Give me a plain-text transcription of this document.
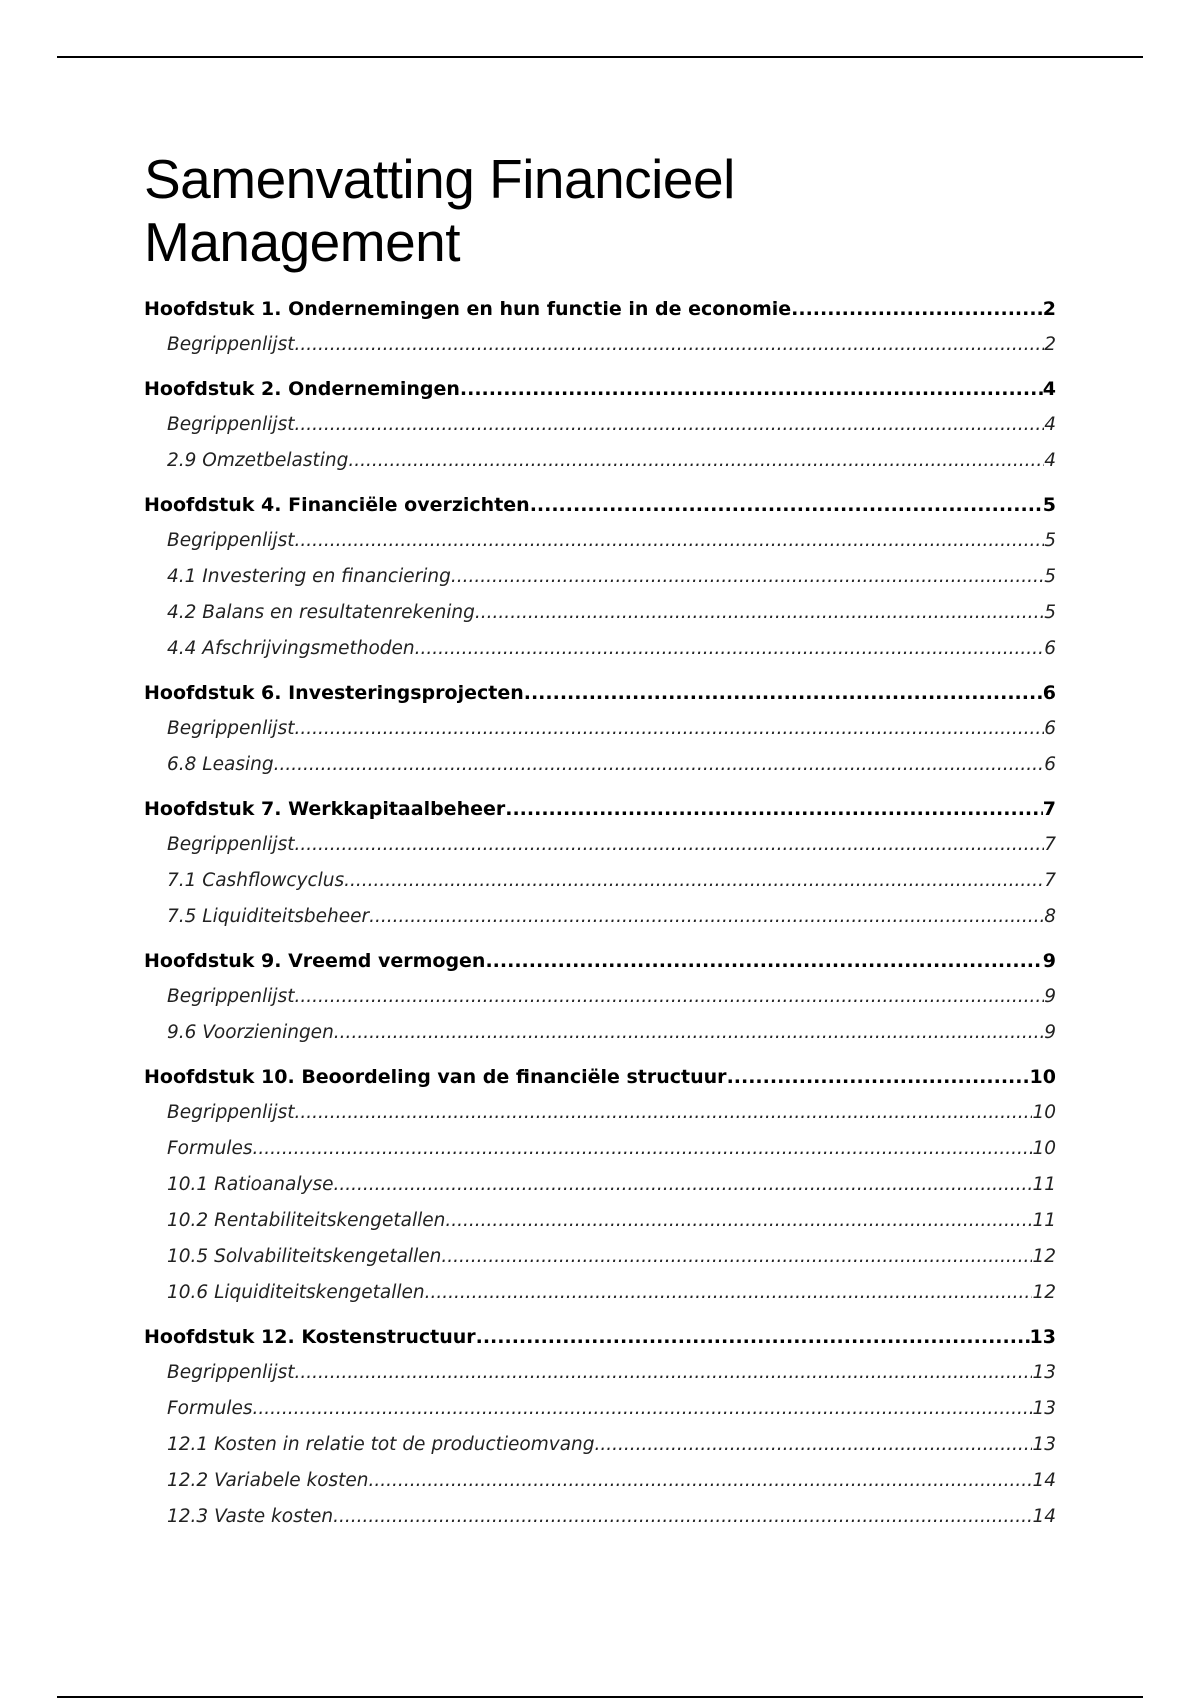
Samenvatting Financieel Management
Hoofdstuk 1. Ondernemingen en hun functie in de economie .....	2
Begrippenlijst .....	2
Hoofdstuk 2. Ondernemingen .....	4
Begrippenlijst .....	4
2.9 Omzetbelasting .....	4
Hoofdstuk 4. Financiële overzichten .....	5
Begrippenlijst .....	5
4.1 Investering en financiering .....	5
4.2 Balans en resultatenrekening .....	5
4.4 Afschrijvingsmethoden .....	6
Hoofdstuk 6. Investeringsprojecten .....	6
Begrippenlijst .....	6
6.8 Leasing .....	6
Hoofdstuk 7. Werkkapitaalbeheer .....	7
Begrippenlijst .....	7
7.1 Cashflowcyclus .....	7
7.5 Liquiditeitsbeheer .....	8
Hoofdstuk 9. Vreemd vermogen .....	9
Begrippenlijst .....	9
9.6 Voorzieningen .....	9
Hoofdstuk 10. Beoordeling van de financiële structuur .....	10
Begrippenlijst .....	10
Formules .....	10
10.1 Ratioanalyse .....	11
10.2 Rentabiliteitskengetallen .....	11
10.5 Solvabiliteitskengetallen .....	12
10.6 Liquiditeitskengetallen .....	12
Hoofdstuk 12. Kostenstructuur .....	13
Begrippenlijst .....	13
Formules .....	13
12.1 Kosten in relatie tot de productieomvang .....	13
12.2 Variabele kosten .....	14
12.3 Vaste kosten .....	14
